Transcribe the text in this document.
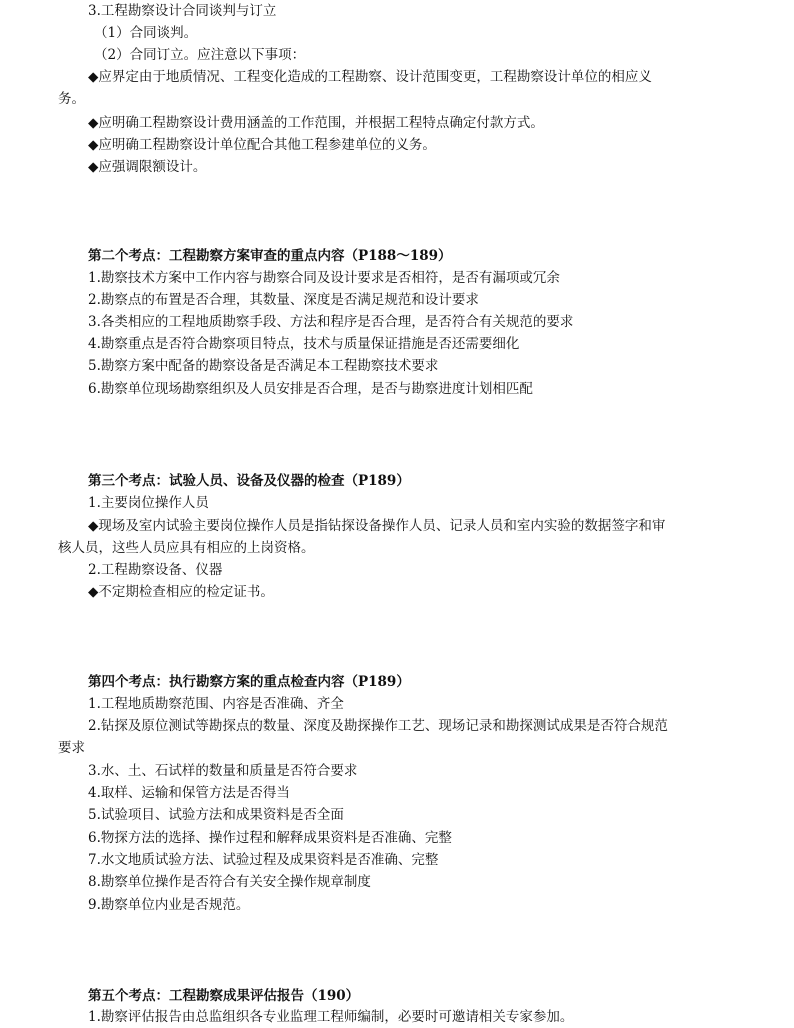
3.工程勘察设计合同谈判与订立
（1）合同谈判。
（2）合同订立。应注意以下事项：
◆应界定由于地质情况、工程变化造成的工程勘察、设计范围变更，工程勘察设计单位的相应义
务。
◆应明确工程勘察设计费用涵盖的工作范围，并根据工程特点确定付款方式。
◆应明确工程勘察设计单位配合其他工程参建单位的义务。
◆应强调限额设计。
第二个考点：工程勘察方案审查的重点内容（P188～189）
1.勘察技术方案中工作内容与勘察合同及设计要求是否相符，是否有漏项或冗余
2.勘察点的布置是否合理，其数量、深度是否满足规范和设计要求
3.各类相应的工程地质勘察手段、方法和程序是否合理，是否符合有关规范的要求
4.勘察重点是否符合勘察项目特点，技术与质量保证措施是否还需要细化
5.勘察方案中配备的勘察设备是否满足本工程勘察技术要求
6.勘察单位现场勘察组织及人员安排是否合理，是否与勘察进度计划相匹配
第三个考点：试验人员、设备及仪器的检查（P189）
1.主要岗位操作人员
◆现场及室内试验主要岗位操作人员是指钻探设备操作人员、记录人员和室内实验的数据签字和审
核人员，这些人员应具有相应的上岗资格。
2.工程勘察设备、仪器
◆不定期检查相应的检定证书。
第四个考点：执行勘察方案的重点检查内容（P189）
1.工程地质勘察范围、内容是否准确、齐全
2.钻探及原位测试等勘探点的数量、深度及勘探操作工艺、现场记录和勘探测试成果是否符合规范
要求
3.水、土、石试样的数量和质量是否符合要求
4.取样、运输和保管方法是否得当
5.试验项目、试验方法和成果资料是否全面
6.物探方法的选择、操作过程和解释成果资料是否准确、完整
7.水文地质试验方法、试验过程及成果资料是否准确、完整
8.勘察单位操作是否符合有关安全操作规章制度
9.勘察单位内业是否规范。
第五个考点：工程勘察成果评估报告（190）
1.勘察评估报告由总监组织各专业监理工程师编制，必要时可邀请相关专家参加。
